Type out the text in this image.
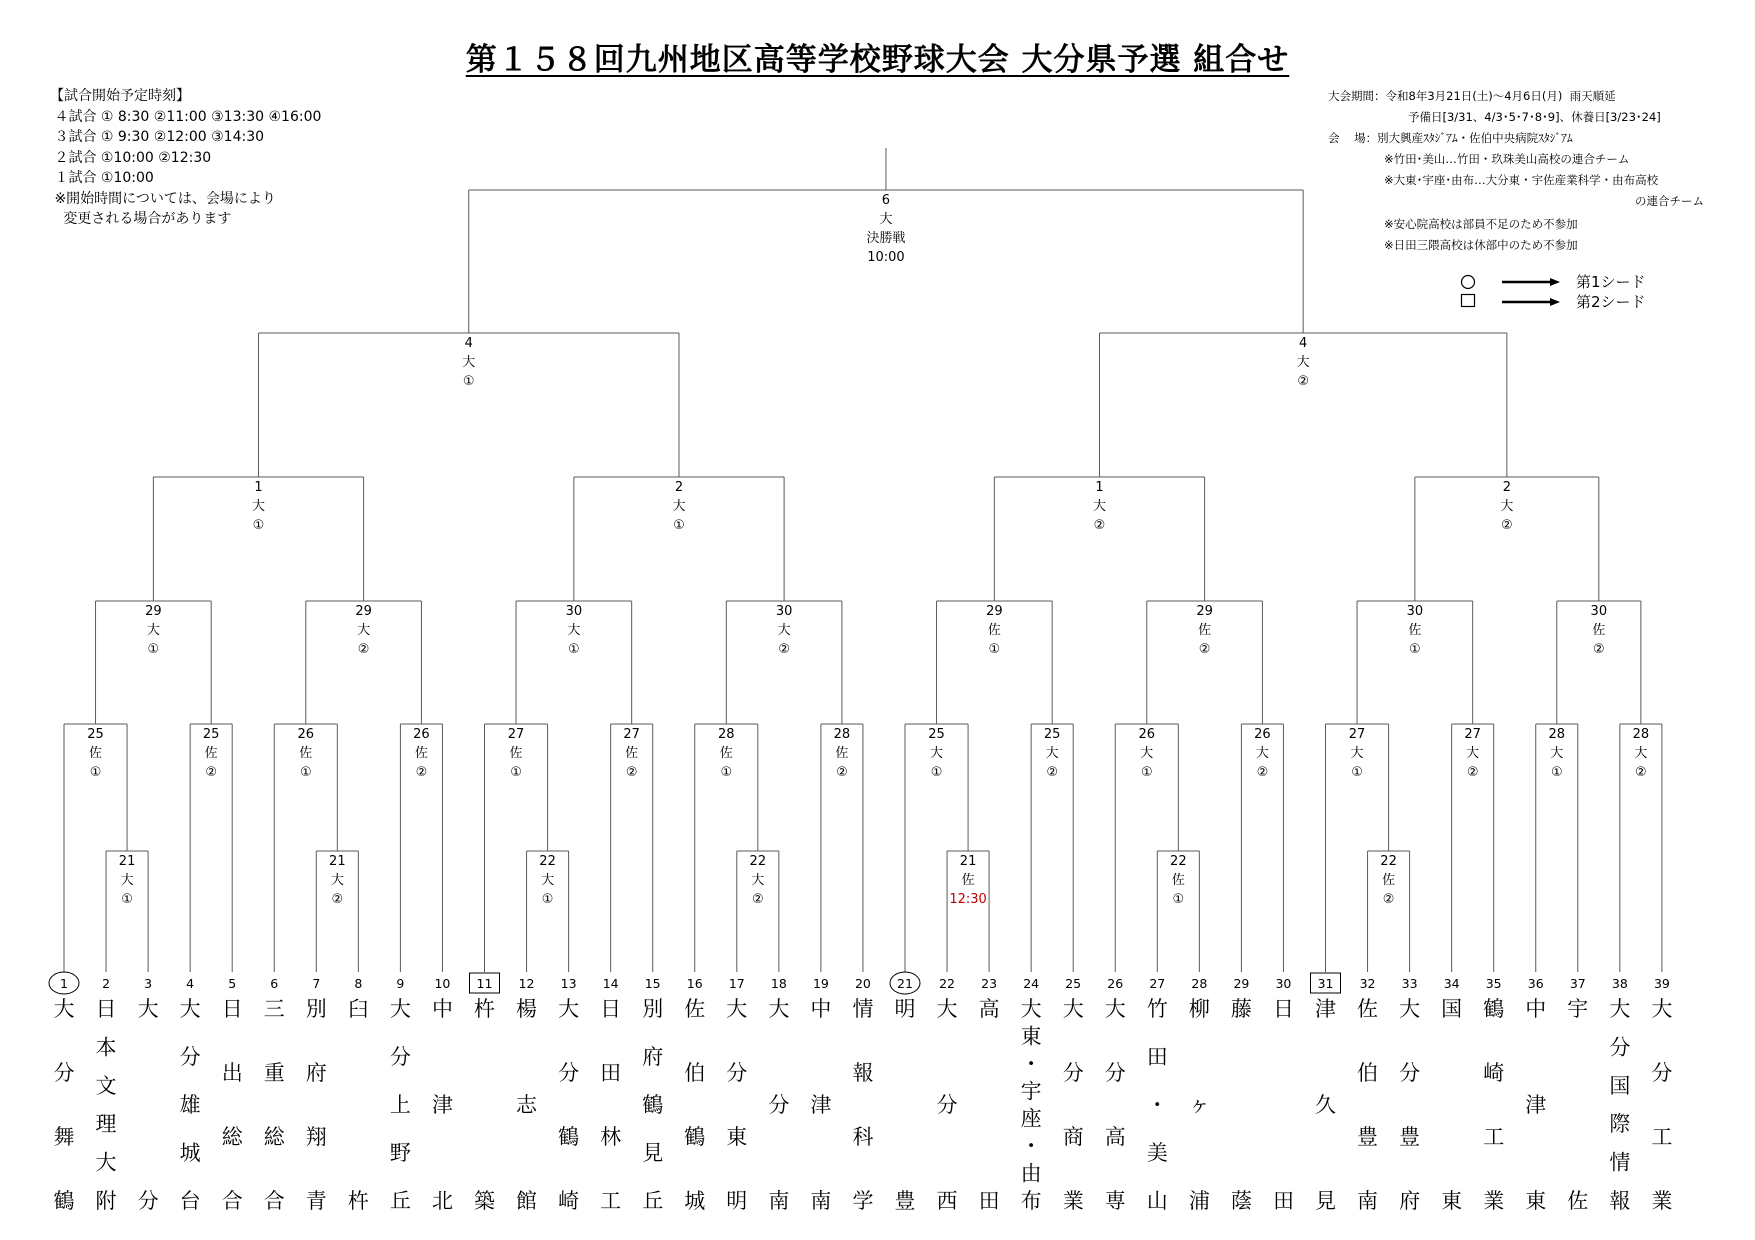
第１５８回九州地区高等学校野球大会 大分県予選 組合せ
【試合開始予定時刻】
４試合 ① 8:30 ②11:00 ③13:30 ④16:00
３試合 ① 9:30 ②12:00 ③14:30
２試合 ①10:00 ②12:30
１試合 ①10:00
※開始時間については、会場により
変更される場合があります
大会期間：令和8年3月21日(土)～4月6日(月)  雨天順延
予備日[3/31、4/3･5･7･8･9]、休養日[3/23･24]
会    場：別大興産ｽﾀｼﾞｱﾑ・佐伯中央病院ｽﾀｼﾞｱﾑ
※竹田･美山…竹田・玖珠美山高校の連合チーム
※大東･宇座･由布…大分東・宇佐産業科学・由布高校
の連合チーム
※安心院高校は部員不足のため不参加
※日田三隈高校は休部中のため不参加
第1シード
第2シード
6
大
決勝戦
10:00
4
大
①
1
大
①
29
大
①
25
佐
①
21
大
①
25
佐
②
29
大
②
26
佐
①
21
大
②
26
佐
②
2
大
①
30
大
①
27
佐
①
22
大
①
27
佐
②
30
大
②
28
佐
①
22
大
②
28
佐
②
4
大
②
1
大
②
29
佐
①
25
大
①
21
佐
12:30
25
大
②
29
佐
②
26
大
①
22
佐
①
26
大
②
2
大
②
30
佐
①
27
大
①
22
佐
②
27
大
②
30
佐
②
28
大
①
28
大
②
1
大
分
舞
鶴
2
日
本
文
理
大
附
3
大
分
4
大
分
雄
城
台
5
日
出
総
合
6
三
重
総
合
7
別
府
翔
青
8
臼
杵
9
大
分
上
野
丘
10
中
津
北
11
杵
築
12
楊
志
館
13
大
分
鶴
崎
14
日
田
林
工
15
別
府
鶴
見
丘
16
佐
伯
鶴
城
17
大
分
東
明
18
大
分
南
19
中
津
南
20
情
報
科
学
21
明
豊
22
大
分
西
23
高
田
24
大
東
・
宇
座
・
由
布
25
大
分
商
業
26
大
分
高
専
27
竹
田
・
美
山
28
柳
ヶ
浦
29
藤
蔭
30
日
田
31
津
久
見
32
佐
伯
豊
南
33
大
分
豊
府
34
国
東
35
鶴
崎
工
業
36
中
津
東
37
宇
佐
38
大
分
国
際
情
報
39
大
分
工
業
